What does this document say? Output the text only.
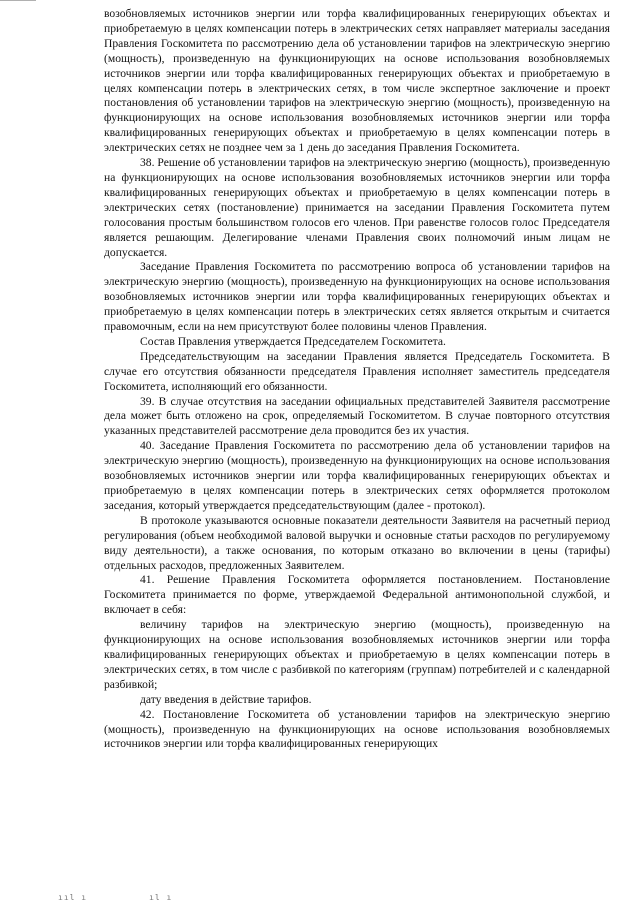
возобновляемых источников энергии или торфа квалифицированных генерирующих объектах и приобретаемую в целях компенсации потерь в электрических сетях направляет материалы заседания Правления Госкомитета по рассмотрению дела об установлении тарифов на электрическую энергию (мощность), произведенную на функционирующих на основе использования возобновляемых источников энергии или торфа квалифицированных генерирующих объектах и приобретаемую в целях компенсации потерь в электрических сетях, в том числе экспертное заключение и проект постановления об установлении тарифов на электрическую энергию (мощность), произведенную на функционирующих на основе использования возобновляемых источников энергии или торфа квалифицированных генерирующих объектах и приобретаемую в целях компенсации потерь в электрических сетях не позднее чем за 1 день до заседания Правления Госкомитета.

38. Решение об установлении тарифов на электрическую энергию (мощность), произведенную на функционирующих на основе использования возобновляемых источников энергии или торфа квалифицированных генерирующих объектах и приобретаемую в целях компенсации потерь в электрических сетях (постановление) принимается на заседании Правления Госкомитета путем голосования простым большинством голосов его членов. При равенстве голосов голос Председателя является решающим. Делегирование членами Правления своих полномочий иным лицам не допускается.

Заседание Правления Госкомитета по рассмотрению вопроса об установлении тарифов на электрическую энергию (мощность), произведенную на функционирующих на основе использования возобновляемых источников энергии или торфа квалифицированных генерирующих объектах и приобретаемую в целях компенсации потерь в электрических сетях является открытым и считается правомочным, если на нем присутствуют более половины членов Правления.

Состав Правления утверждается Председателем Госкомитета.

Председательствующим на заседании Правления является Председатель Госкомитета. В случае его отсутствия обязанности председателя Правления исполняет заместитель председателя Госкомитета, исполняющий его обязанности.

39. В случае отсутствия на заседании официальных представителей Заявителя рассмотрение дела может быть отложено на срок, определяемый Госкомитетом. В случае повторного отсутствия указанных представителей рассмотрение дела проводится без их участия.

40. Заседание Правления Госкомитета по рассмотрению дела об установлении тарифов на электрическую энергию (мощность), произведенную на функционирующих на основе использования возобновляемых источников энергии или торфа квалифицированных генерирующих объектах и приобретаемую в целях компенсации потерь в электрических сетях оформляется протоколом заседания, который утверждается председательствующим (далее - протокол).

В протоколе указываются основные показатели деятельности Заявителя на расчетный период регулирования (объем необходимой валовой выручки и основные статьи расходов по регулируемому виду деятельности), а также основания, по которым отказано во включении в цены (тарифы) отдельных расходов, предложенных Заявителем.

41. Решение Правления Госкомитета оформляется постановлением. Постановление Госкомитета принимается по форме, утверждаемой Федеральной антимонопольной службой, и включает в себя:

величину тарифов на электрическую энергию (мощность), произведенную на функционирующих на основе использования возобновляемых источников энергии или торфа квалифицированных генерирующих объектах и приобретаемую в целях компенсации потерь в электрических сетях, в том числе с разбивкой по категориям (группам) потребителей и с календарной разбивкой;

дату введения в действие тарифов.

42. Постановление Госкомитета об установлении тарифов на электрическую энергию (мощность), произведенную на функционирующих на основе использования возобновляемых источников энергии или торфа квалифицированных генерирующих

ııl ı	ıl ı
